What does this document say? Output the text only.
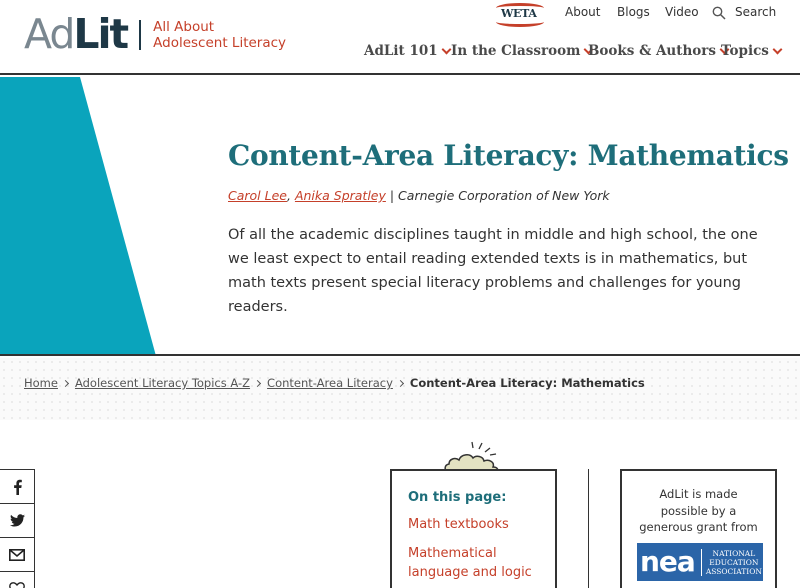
AdLit All About
Adolescent Literacy
WETA About Blogs Video	Search
AdLit 101 In the Classroom Books & Authors Topics
Content-Area Literacy: Mathematics
Carol Lee, Anika Spratley | Carnegie Corporation of New York

Of all the academic disciplines taught in middle and high school, the one we least expect to entail reading extended texts is in mathematics, but math texts present special literacy problems and challenges for young readers.

Home Adolescent Literacy Topics A-Z Content-Area Literacy Content-Area Literacy: Mathematics
On this page:
Math textbooks
Mathematical language and logic

AdLit is made possible by a generous grant from

nea	NATIONAL
EDUCATION
ASSOCIATION
